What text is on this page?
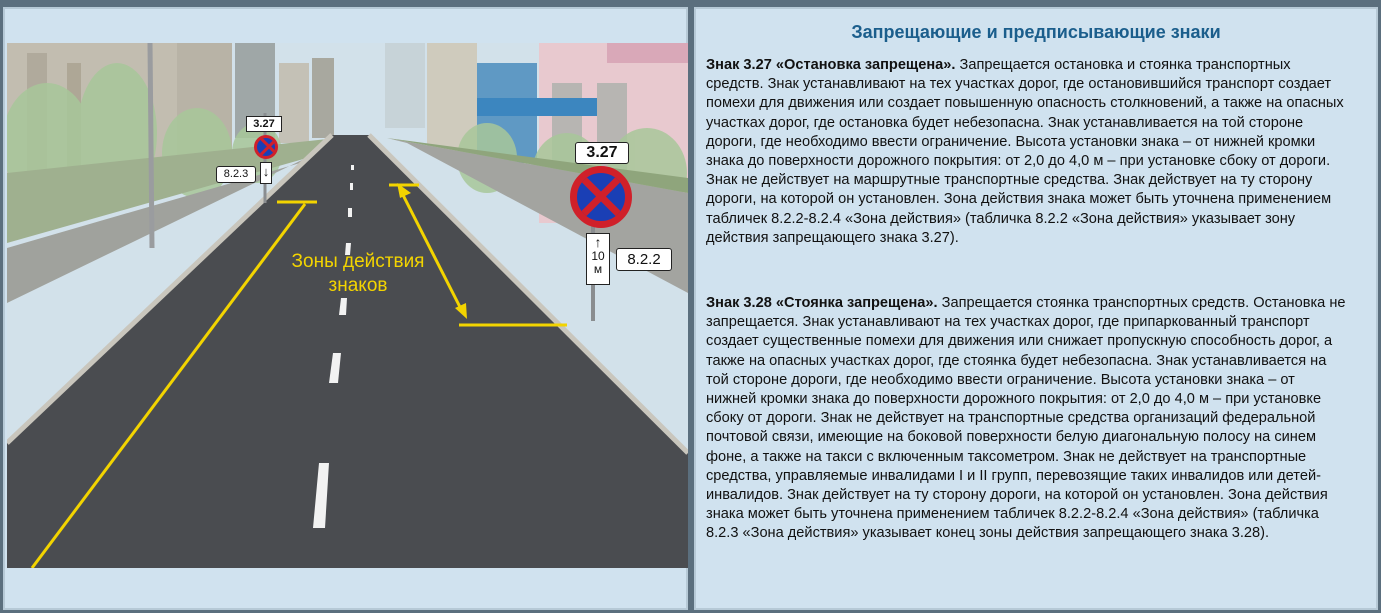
3.27
↓
8.2.3
3.27
↑
10
м
8.2.2
Зоны действия
знаков
Запрещающие и предписывающие знаки

Знак 3.27 «Остановка запрещена». Запрещается остановка и стоянка транспортных средств. Знак устанавливают на тех участках дорог, где остановившийся транспорт создает помехи для движения или создает повышенную опасность столкновений, а также на опасных участках дорог, где остановка будет небезопасна. Знак устанавливается на той стороне дороги, где необходимо ввести ограничение. Высота установки знака – от нижней кромки знака до поверхности дорожного покрытия: от 2,0 до 4,0 м – при установке сбоку от дороги. Знак не действует на маршрутные транспортные средства. Знак действует на ту сторону дороги, на которой он установлен. Зона действия знака может быть уточнена применением табличек 8.2.2-8.2.4 «Зона действия» (табличка 8.2.2 «Зона действия» указывает зону действия запрещающего знака 3.27).

Знак 3.28 «Стоянка запрещена». Запрещается стоянка транспортных средств. Остановка не запрещается. Знак устанавливают на тех участках дорог, где припаркованный транспорт создает существенные помехи для движения или снижает пропускную способность дорог, а также на опасных участках дорог, где стоянка будет небезопасна. Знак устанавливается на той стороне дороги, где необходимо ввести ограничение. Высота установки знака – от нижней кромки знака до поверхности дорожного покрытия: от 2,0 до 4,0 м – при установке сбоку от дороги. Знак не действует на транспортные средства организаций федеральной почтовой связи, имеющие на боковой поверхности белую диагональную полосу на синем фоне, а также на такси с включенным таксометром. Знак не действует на транспортные средства, управляемые инвалидами I и II групп, перевозящие таких инвалидов или детей-инвалидов. Знак действует на ту сторону дороги, на которой он установлен. Зона действия знака может быть уточнена применением табличек 8.2.2-8.2.4 «Зона действия» (табличка 8.2.3 «Зона действия» указывает конец зоны действия запрещающего знака 3.28).
